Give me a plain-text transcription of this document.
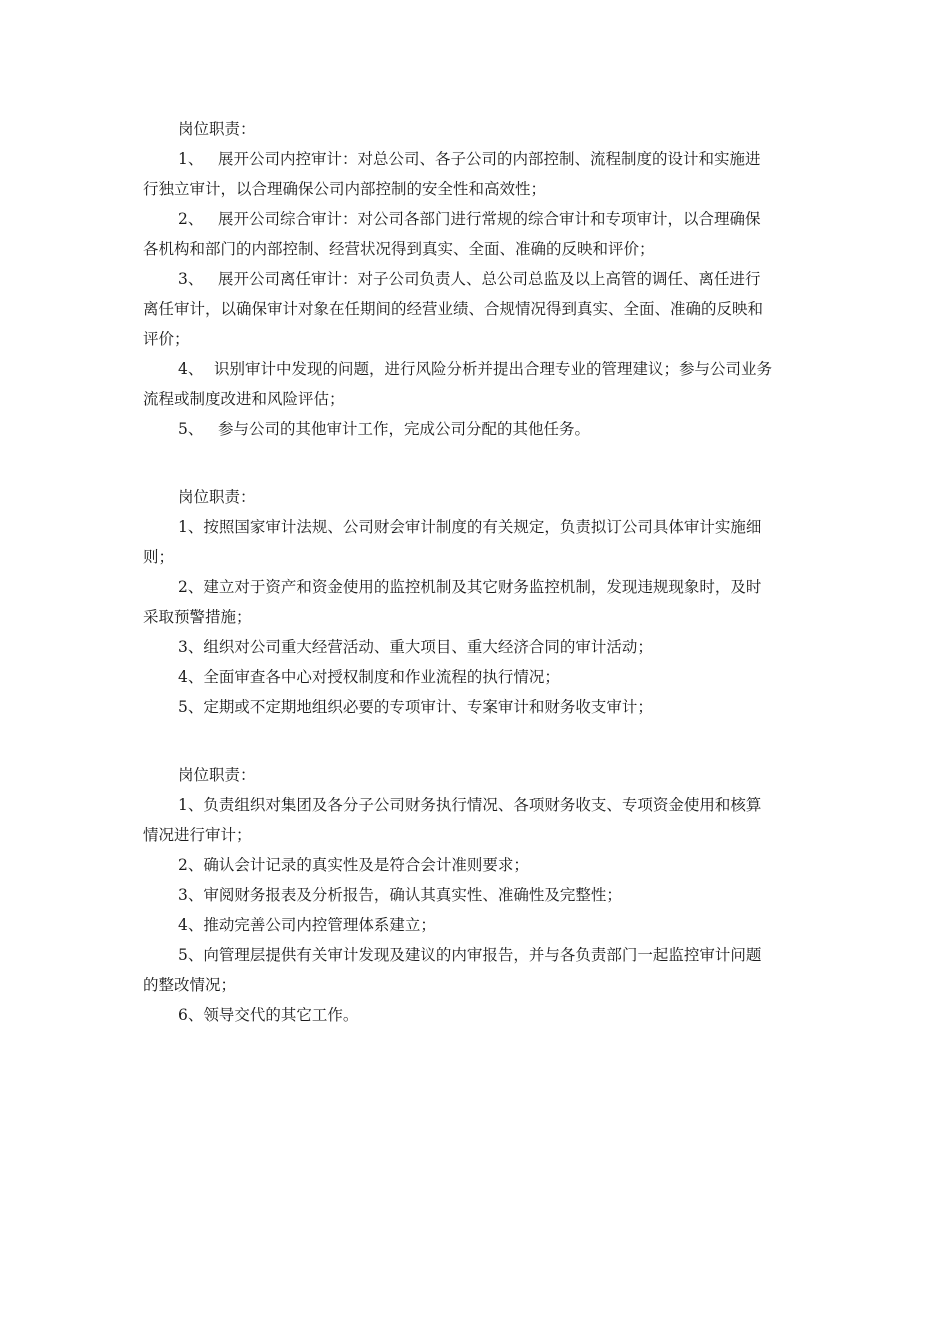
岗位职责：

1、 展开公司内控审计：对总公司、各子公司的内部控制、流程制度的设计和实施进

行独立审计，以合理确保公司内部控制的安全性和高效性；

2、 展开公司综合审计：对公司各部门进行常规的综合审计和专项审计，以合理确保

各机构和部门的内部控制、经营状况得到真实、全面、准确的反映和评价；

3、 展开公司离任审计：对子公司负责人、总公司总监及以上高管的调任、离任进行

离任审计，以确保审计对象在任期间的经营业绩、合规情况得到真实、全面、准确的反映和

评价；

4、 识别审计中发现的问题，进行风险分析并提出合理专业的管理建议；参与公司业务

流程或制度改进和风险评估；

5、 参与公司的其他审计工作，完成公司分配的其他任务。

岗位职责：

1、按照国家审计法规、公司财会审计制度的有关规定，负责拟订公司具体审计实施细

则；

2、建立对于资产和资金使用的监控机制及其它财务监控机制，发现违规现象时，及时

采取预警措施；

3、组织对公司重大经营活动、重大项目、重大经济合同的审计活动；

4、全面审查各中心对授权制度和作业流程的执行情况；

5、定期或不定期地组织必要的专项审计、专案审计和财务收支审计；

岗位职责：

1、负责组织对集团及各分子公司财务执行情况、各项财务收支、专项资金使用和核算

情况进行审计；

2、确认会计记录的真实性及是符合会计准则要求；

3、审阅财务报表及分析报告，确认其真实性、准确性及完整性；

4、推动完善公司内控管理体系建立；

5、向管理层提供有关审计发现及建议的内审报告，并与各负责部门一起监控审计问题

的整改情况；

6、领导交代的其它工作。
